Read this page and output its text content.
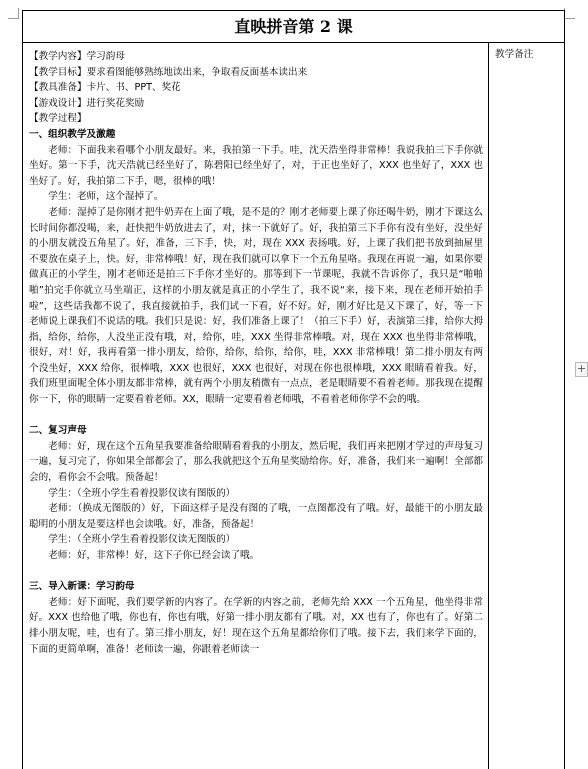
+
直映拼音第 2 课

【教学内容】学习韵母

【教学目标】要求看图能够熟练地读出来，争取看反面基本读出来

【教具准备】卡片、书、PPT、奖花

【游戏设计】进行奖花奖励

【教学过程】

一、组织教学及激趣

老师：下面我来看哪个小朋友最好。来，我拍第一下手。哇，沈天浩坐得非常棒！我说我拍三下手你就坐好。第一下手，沈天浩就已经坐好了，陈碧阳已经坐好了，对，于正也坐好了，XXX 也坐好了，XXX 也坐好了。好，我拍第二下手，嗯，很棒的哦！

学生：老师，这个湿掉了。

老师：湿掉了是你刚才把牛奶弄在上面了哦，是不是的？刚才老师要上课了你还喝牛奶，刚才下课这么长时间你都没喝，来，赶快把牛奶放进去了，对，抹一下就好了。好，我拍第三下手你有没有坐好，没坐好的小朋友就没五角星了。好，准备，三下手，快，对，现在 XXX 表扬哦。好，上课了我们把书放到抽屉里不要放在桌子上，快。好，非常棒哦！好，现在我们就可以拿下一个五角星咯。我现在再说一遍，如果你要做真正的小学生，刚才老师还是拍三下手你才坐好的。那等到下一节课呢，我就不告诉你了，我只是“啪啪啪”拍完手你就立马坐端正，这样的小朋友就是真正的小学生了，我不说“来，接下来，现在老师开始拍手啦”，这些话我都不说了，我直接就拍手，我们试一下看，好不好。好，刚才好比是又下课了，好，等一下老师说上课我们不说话的哦。我们只是说：好，我们准备上课了！（拍三下手）好，表演第三排，给你大拇指，给你，给你，人没坐正没有哦，对，给你，哇，XXX 坐得非常棒哦。对，现在 XXX 也坐得非常棒哦，很好，对！好，我再看第一排小朋友，给你，给你，给你，给你，哇，XXX 非常棒哦！第二排小朋友有两个没坐好，XXX 给你，很棒哦，XXX 也很好，XXX 也很好，对现在你也很棒哦，XXX 眼睛看着我。好，我们班里面呢全体小朋友都非常棒，就有两个小朋友稍微有一点点，老是眼睛要不看着老师。那我现在提醒你一下，你的眼睛一定要看着老师。XX，眼睛一定要看着老师哦，不看着老师你学不会的哦。

二、复习声母

老师：好，现在这个五角星我要准备给眼睛看着我的小朋友，然后呢，我们再来把刚才学过的声母复习一遍，复习完了，你如果全部都会了，那么我就把这个五角星奖励给你。好，准备，我们来一遍啊！全部都会的，看你会不会哦。预备起！

学生：（全班小学生看着投影仪读有图版的）

老师：（换成无图版的）好，下面这样子是没有图的了哦，一点图都没有了哦。好，最能干的小朋友最聪明的小朋友是要这样也会读哦。好，准备，预备起！

学生：（全班小学生看着投影仪读无图版的）

老师：好，非常棒！好，这下子你已经会读了哦。

三、导入新课：学习韵母

老师：好下面呢，我们要学新的内容了。在学新的内容之前，老师先给 XXX 一个五角星，他坐得非常好。XXX 也给他了哦，你也有，你也有哦，好第一排小朋友都有了哦。对，XX 也有了，你也有了。好第二排小朋友呢，哇，也有了。第三排小朋友，好！现在这个五角星都给你们了哦。接下去，我们来学下面的，下面的更简单啊，准备！老师读一遍，你跟着老师读一

教学备注
